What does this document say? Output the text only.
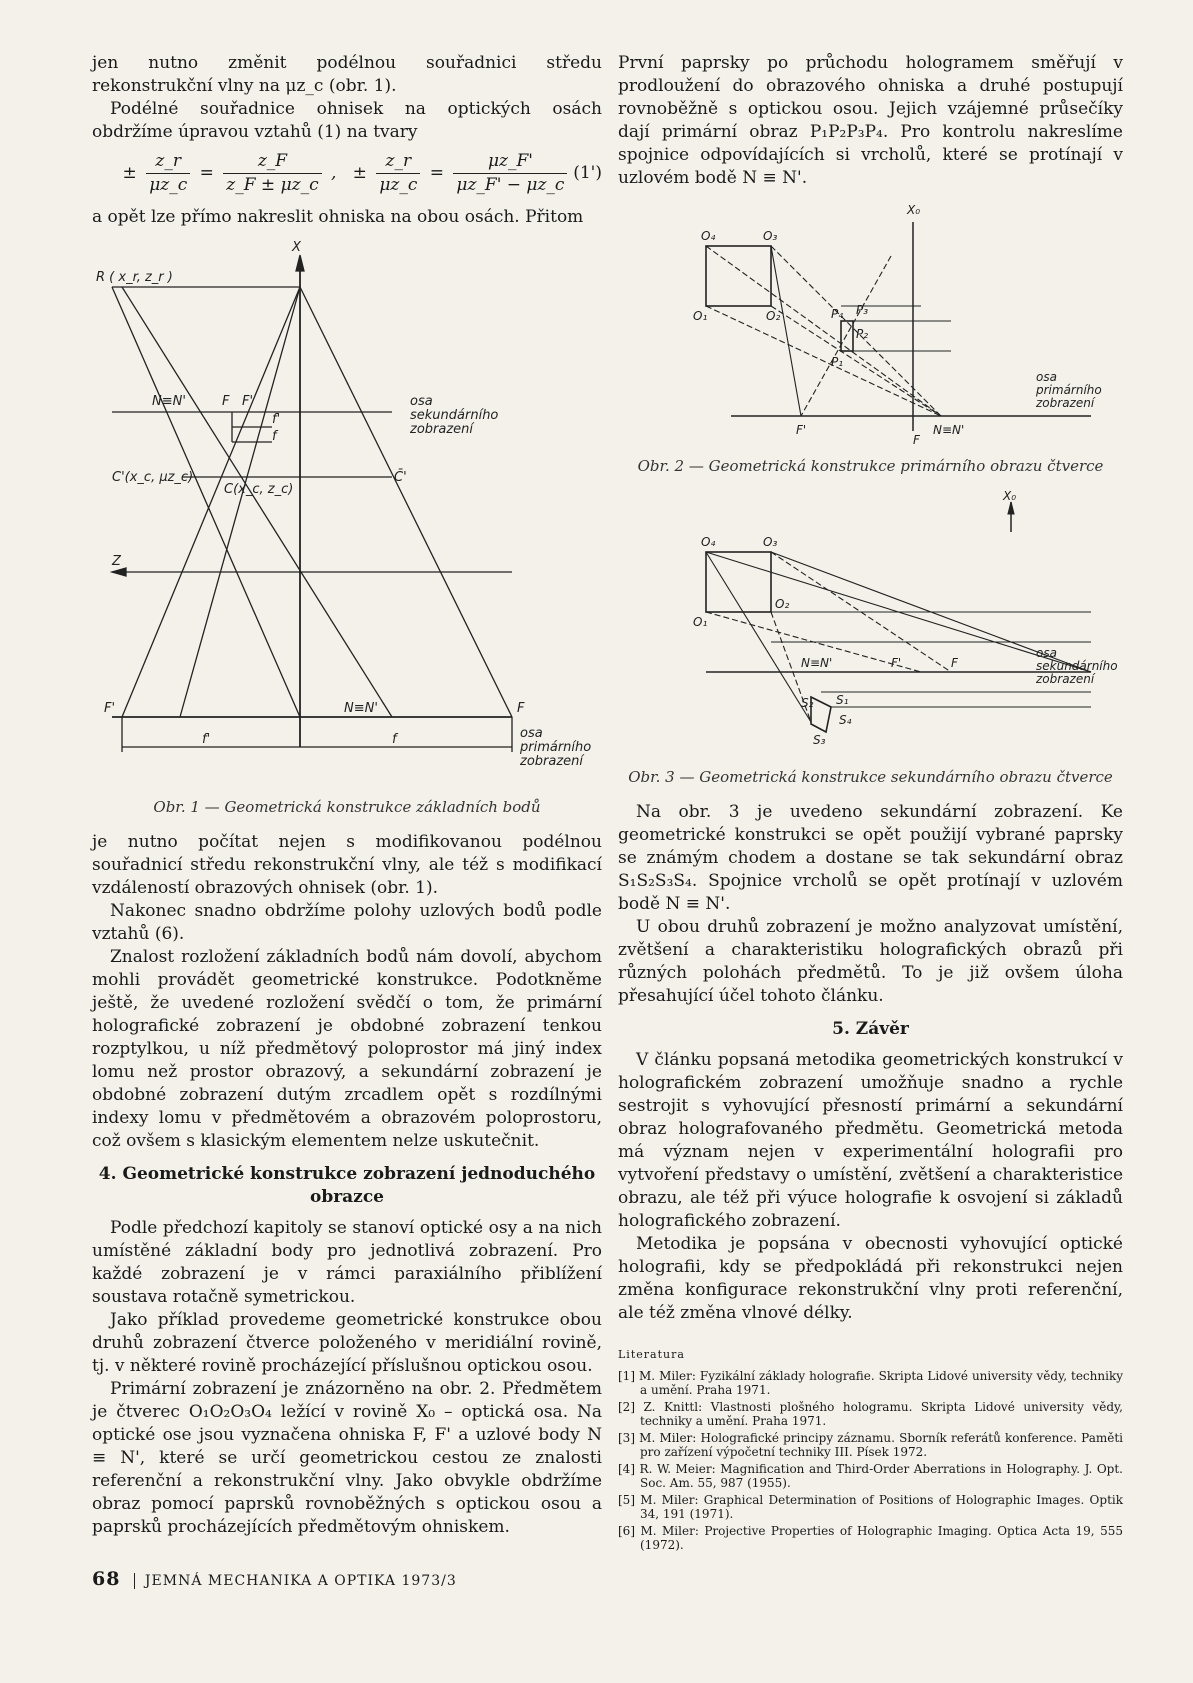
jen nutno změnit podélnou souřadnici středu rekonstrukční vlny na μz_c (obr. 1).

Podélné souřadnice ohnisek na optických osách obdržíme úpravou vztahů (1) na tvary

± $\frac{z\_r}{\mu z\_c} = \frac{z\_F}{z\_F \pm \mu z\_c}$ ,   ± $\frac{z\_r}{\mu z\_c} = \frac{\mu z\_F'}{\mu z\_F' - \mu z\_c} (1')$

a opět lze přímo nakreslit ohniska na obou osách. Přitom

X
R ( x_r, z_r )
N≡N'	F F'
f'
f
osa
sekundárního
zobrazení
C'(x_c, μz_c)
C(x_c, z_c)
C̄'
Z
F'	N≡N'	F
f'	f	osa
primárního
zobrazení
Obr. 1 — Geometrická konstrukce základních bodů

je nutno počítat nejen s modifikovanou podélnou souřadnicí středu rekonstrukční vlny, ale též s modifikací vzdáleností obrazových ohnisek (obr. 1).

Nakonec snadno obdržíme polohy uzlových bodů podle vztahů (6).

Znalost rozložení základních bodů nám dovolí, abychom mohli provádět geometrické konstrukce. Podotkněme ještě, že uvedené rozložení svědčí o tom, že primární holografické zobrazení je obdobné zobrazení tenkou rozptylkou, u níž předmětový poloprostor má jiný index lomu než prostor obrazový, a sekundární zobrazení je obdobné zobrazení dutým zrcadlem opět s rozdílnými indexy lomu v předmětovém a obrazovém poloprostoru, což ovšem s klasickým elementem nelze uskutečnit.

4. Geometrické konstrukce zobrazení jednoduchého obrazce

Podle předchozí kapitoly se stanoví optické osy a na nich umístěné základní body pro jednotlivá zobrazení. Pro každé zobrazení je v rámci paraxiálního přiblížení soustava rotačně symetrickou.

Jako příklad provedeme geometrické konstrukce obou druhů zobrazení čtverce položeného v meridiální rovině, tj. v některé rovině procházející příslušnou optickou osou.

Primární zobrazení je znázorněno na obr. 2. Předmětem je čtverec O₁O₂O₃O₄ ležící v rovině X₀ – optická osa. Na optické ose jsou vyznačena ohniska F, F' a uzlové body N ≡ N', které se určí geometrickou cestou ze znalosti referenční a rekonstrukční vlny. Jako obvykle obdržíme obraz pomocí paprsků rovnoběžných s optickou osou a paprsků procházejících předmětovým ohniskem.

První paprsky po průchodu hologramem směřují v prodloužení do obrazového ohniska a druhé postupují rovnoběžně s optickou osou. Jejich vzájemné průsečíky dají primární obraz P₁P₂P₃P₄. Pro kontrolu nakreslíme spojnice odpovídajících si vrcholů, které se protínají v uzlovém bodě N ≡ N'.

X₀
O₄	O₃
O₁	O₂
P₁
P₂
P₃
P₄
F'	N≡N'
F
osa
primárního
zobrazení
Obr. 2 — Geometrická konstrukce primárního obrazu čtverce
X₀
O₄	O₃
O₁
O₂
N≡N'	F'	F
S₁
S₂
S₃
S₄
osa
sekundárního
zobrazení
Obr. 3 — Geometrická konstrukce sekundárního obrazu čtverce

Na obr. 3 je uvedeno sekundární zobrazení. Ke geometrické konstrukci se opět použijí vybrané paprsky se známým chodem a dostane se tak sekundární obraz S₁S₂S₃S₄. Spojnice vrcholů se opět protínají v uzlovém bodě N ≡ N'.

U obou druhů zobrazení je možno analyzovat umístění, zvětšení a charakteristiku holografických obrazů při různých polohách předmětů. To je již ovšem úloha přesahující účel tohoto článku.

5. Závěr

V článku popsaná metodika geometrických konstrukcí v holografickém zobrazení umožňuje snadno a rychle sestrojit s vyhovující přesností primární a sekundární obraz holografovaného předmětu. Geometrická metoda má význam nejen v experimentální holografii pro vytvoření představy o umístění, zvětšení a charakteristice obrazu, ale též při výuce holografie k osvojení si základů holografického zobrazení.

Metodika je popsána v obecnosti vyhovující optické holografii, kdy se předpokládá při rekonstrukci nejen změna konfigurace rekonstrukční vlny proti referenční, ale též změna vlnové délky.

Literatura

[1] M. Miler: Fyzikální základy holografie. Skripta Lidové university vědy, techniky a umění. Praha 1971.

[2] Z. Knittl: Vlastnosti plošného hologramu. Skripta Lidové university vědy, techniky a umění. Praha 1971.

[3] M. Miler: Holografické principy záznamu. Sborník referátů konference. Paměti pro zařízení výpočetní techniky III. Písek 1972.

[4] R. W. Meier: Magnification and Third-Order Aberrations in Holography. J. Opt. Soc. Am. 55, 987 (1955).

[5] M. Miler: Graphical Determination of Positions of Holographic Images. Optik 34, 191 (1971).

[6] M. Miler: Projective Properties of Holographic Imaging. Optica Acta 19, 555 (1972).

68 JEMNÁ MECHANIKA A OPTIKA 1973/3
